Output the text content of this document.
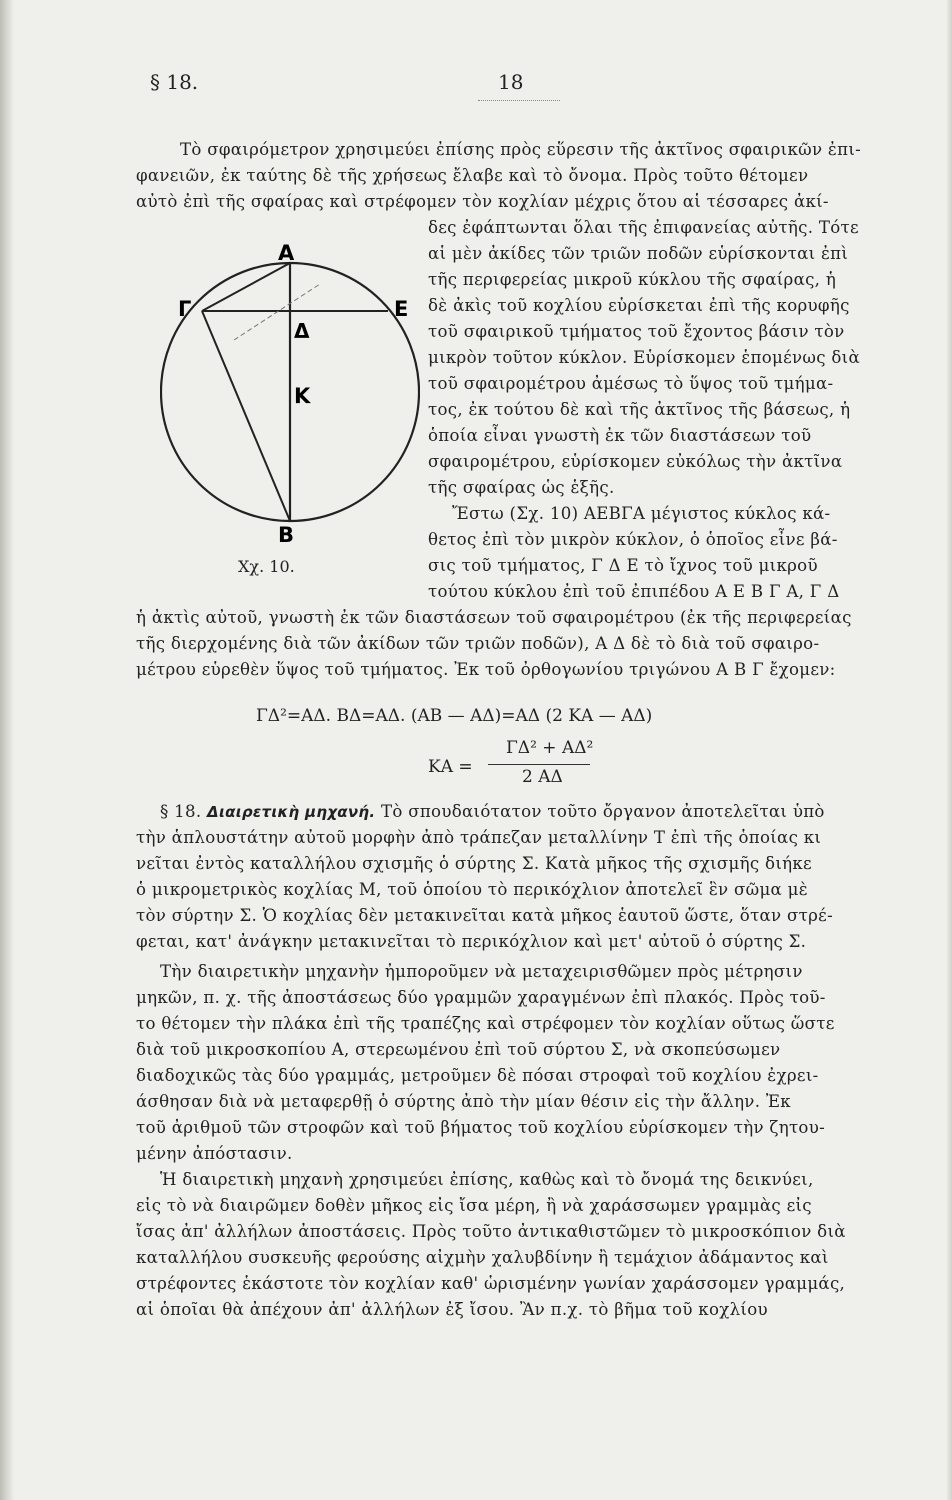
§ 18.	18
Α
Ε
Γ
Δ
Κ
Β
Χχ. 10.
Τὸ σφαιρόμετρον χρησιμεύει ἐπίσης πρὸς εὕρεσιν τῆς ἀκτῖνος σφαιρικῶν ἐπι-
φανειῶν, ἐκ ταύτης δὲ τῆς χρήσεως ἔλαβε καὶ τὸ ὄνομα. Πρὸς τοῦτο θέτομεν
αὐτὸ ἐπὶ τῆς σφαίρας καὶ στρέφομεν τὸν κοχλίαν μέχρις ὅτου αἱ τέσσαρες ἀκί-
δες ἐφάπτωνται ὅλαι τῆς ἐπιφανείας αὐτῆς. Τότε
αἱ μὲν ἀκίδες τῶν τριῶν ποδῶν εὑρίσκονται ἐπὶ
τῆς περιφερείας μικροῦ κύκλου τῆς σφαίρας, ἡ
δὲ ἀκὶς τοῦ κοχλίου εὑρίσκεται ἐπὶ τῆς κορυφῆς
τοῦ σφαιρικοῦ τμήματος τοῦ ἔχοντος βάσιν τὸν
μικρὸν τοῦτον κύκλον. Εὑρίσκομεν ἑπομένως διὰ
τοῦ σφαιρομέτρου ἀμέσως τὸ ὕψος τοῦ τμήμα-
τος, ἐκ τούτου δὲ καὶ τῆς ἀκτῖνος τῆς βάσεως, ἡ
ὁποία εἶναι γνωστὴ ἐκ τῶν διαστάσεων τοῦ
σφαιρομέτρου, εὑρίσκομεν εὐκόλως τὴν ἀκτῖνα
τῆς σφαίρας ὡς ἑξῆς.
Ἔστω (Σχ. 10) ΑΕΒΓΑ μέγιστος κύκλος κά-
θετος ἐπὶ τὸν μικρὸν κύκλον, ὁ ὁποῖος εἶνε βά-
σις τοῦ τμήματος, Γ Δ Ε τὸ ἴχνος τοῦ μικροῦ
τούτου κύκλου ἐπὶ τοῦ ἐπιπέδου Α Ε Β Γ Α, Γ Δ
ἡ ἀκτὶς αὐτοῦ, γνωστὴ ἐκ τῶν διαστάσεων τοῦ σφαιρομέτρου (ἐκ τῆς περιφερείας
τῆς διερχομένης διὰ τῶν ἀκίδων τῶν τριῶν ποδῶν), Α Δ δὲ τὸ διὰ τοῦ σφαιρο-
μέτρου εὑρεθὲν ὕψος τοῦ τμήματος. Ἐκ τοῦ ὀρθογωνίου τριγώνου Α Β Γ ἔχομεν:
ΓΔ²=ΑΔ. ΒΔ=ΑΔ. (ΑΒ — ΑΔ)=ΑΔ (2 ΚΑ — ΑΔ)
ΚΑ =
ΓΔ² + ΑΔ²
2 ΑΔ
§ 18. Διαιρετικὴ μηχανή. Τὸ σπουδαιότατον τοῦτο ὄργανον ἀποτελεῖται ὑπὸ
τὴν ἁπλουστάτην αὐτοῦ μορφὴν ἀπὸ τράπεζαν μεταλλίνην Τ ἐπὶ τῆς ὁποίας κι
νεῖται ἐντὸς καταλλήλου σχισμῆς ὁ σύρτης Σ. Κατὰ μῆκος τῆς σχισμῆς διήκε
ὁ μικρομετρικὸς κοχλίας Μ, τοῦ ὁποίου τὸ περικόχλιον ἀποτελεῖ ἓν σῶμα μὲ
τὸν σύρτην Σ. Ὁ κοχλίας δὲν μετακινεῖται κατὰ μῆκος ἑαυτοῦ ὥστε, ὅταν στρέ-
φεται, κατ' ἀνάγκην μετακινεῖται τὸ περικόχλιον καὶ μετ' αὐτοῦ ὁ σύρτης Σ.
Τὴν διαιρετικὴν μηχανὴν ἠμποροῦμεν νὰ μεταχειρισθῶμεν πρὸς μέτρησιν
μηκῶν, π. χ. τῆς ἀποστάσεως δύο γραμμῶν χαραγμένων ἐπὶ πλακός. Πρὸς τοῦ-
το θέτομεν τὴν πλάκα ἐπὶ τῆς τραπέζης καὶ στρέφομεν τὸν κοχλίαν οὕτως ὥστε
διὰ τοῦ μικροσκοπίου Α, στερεωμένου ἐπὶ τοῦ σύρτου Σ, νὰ σκοπεύσωμεν
διαδοχικῶς τὰς δύο γραμμάς, μετροῦμεν δὲ πόσαι στροφαὶ τοῦ κοχλίου ἐχρει-
άσθησαν διὰ νὰ μεταφερθῇ ὁ σύρτης ἀπὸ τὴν μίαν θέσιν εἰς τὴν ἄλλην. Ἐκ
τοῦ ἀριθμοῦ τῶν στροφῶν καὶ τοῦ βήματος τοῦ κοχλίου εὑρίσκομεν τὴν ζητου-
μένην ἀπόστασιν.
Ἡ διαιρετικὴ μηχανὴ χρησιμεύει ἐπίσης, καθὼς καὶ τὸ ὄνομά της δεικνύει,
εἰς τὸ νὰ διαιρῶμεν δοθὲν μῆκος εἰς ἴσα μέρη, ἢ νὰ χαράσσωμεν γραμμὰς εἰς
ἴσας ἀπ' ἀλλήλων ἀποστάσεις. Πρὸς τοῦτο ἀντικαθιστῶμεν τὸ μικροσκόπιον διὰ
καταλλήλου συσκευῆς φερούσης αἰχμὴν χαλυβδίνην ἢ τεμάχιον ἀδάμαντος καὶ
στρέφοντες ἑκάστοτε τὸν κοχλίαν καθ' ὡρισμένην γωνίαν χαράσσομεν γραμμάς,
αἱ ὁποῖαι θὰ ἀπέχουν ἀπ' ἀλλήλων ἐξ ἴσου. Ἂν π.χ. τὸ βῆμα τοῦ κοχλίου
